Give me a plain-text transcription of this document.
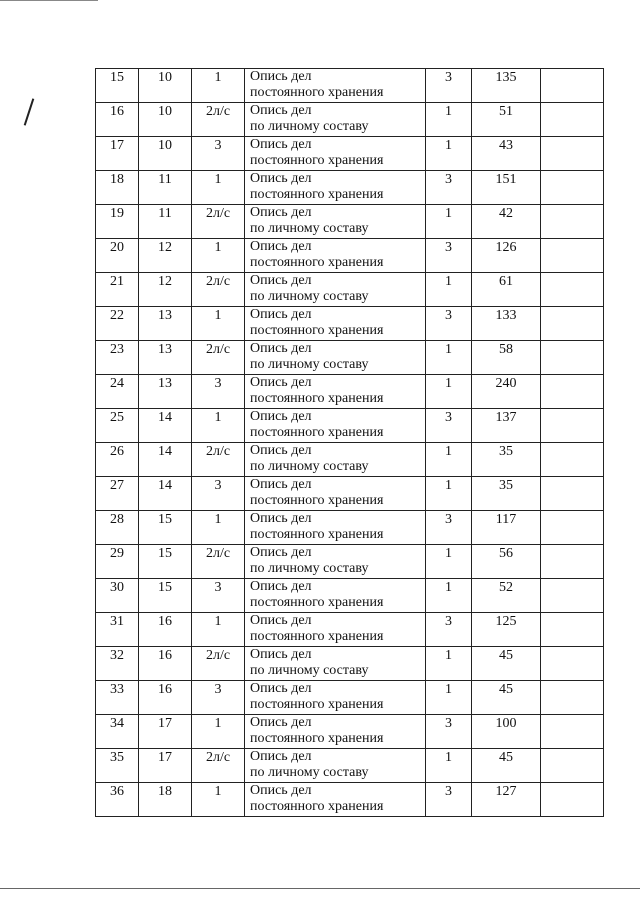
15	10	1	Опись дел
постоянного хранения	3	135	

16	10	2л/с	Опись дел
по личному составу	1	51	

17	10	3	Опись дел
постоянного хранения	1	43	

18	11	1	Опись дел
постоянного хранения	3	151	

19	11	2л/с	Опись дел
по личному составу	1	42	

20	12	1	Опись дел
постоянного хранения	3	126	

21	12	2л/с	Опись дел
по личному составу	1	61	

22	13	1	Опись дел
постоянного хранения	3	133	

23	13	2л/с	Опись дел
по личному составу	1	58	

24	13	3	Опись дел
постоянного хранения	1	240	

25	14	1	Опись дел
постоянного хранения	3	137	

26	14	2л/с	Опись дел
по личному составу	1	35	

27	14	3	Опись дел
постоянного хранения	1	35	

28	15	1	Опись дел
постоянного хранения	3	117	

29	15	2л/с	Опись дел
по личному составу	1	56	

30	15	3	Опись дел
постоянного хранения	1	52	

31	16	1	Опись дел
постоянного хранения	3	125	

32	16	2л/с	Опись дел
по личному составу	1	45	

33	16	3	Опись дел
постоянного хранения	1	45	

34	17	1	Опись дел
постоянного хранения	3	100	

35	17	2л/с	Опись дел
по личному составу	1	45	

36	18	1	Опись дел
постоянного хранения	3	127	
